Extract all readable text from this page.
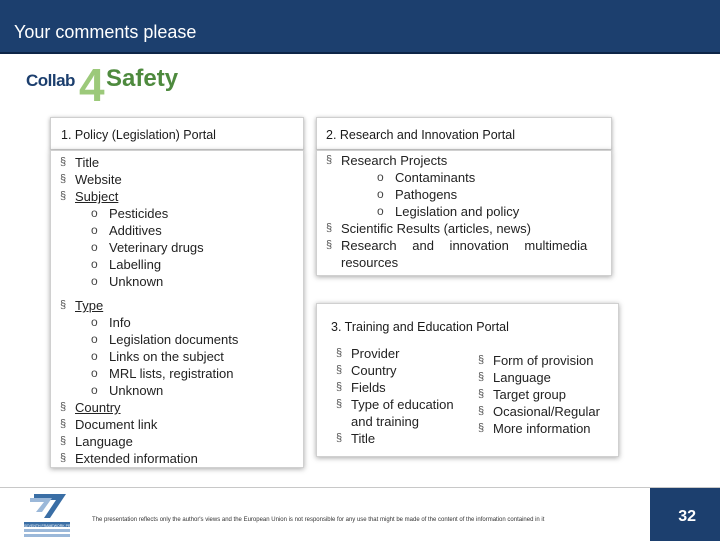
Your comments please
4
Collab Safety
1. Policy (Legislation) Portal
§ Title
§ Website
§ Subject
o Pesticides
o Additives
o Veterinary drugs
o Labelling
o Unknown
§ Type
o Info
o Legislation documents
o Links on the subject
o MRL lists, registration
o Unknown
§ Country
§ Document link
§ Language
§ Extended information
2. Research and Innovation Portal
§ Research Projects
o Contaminants
o Pathogens
o Legislation and policy
§ Scientific Results (articles, news)
§ Research and innovation multimedia resources
3. Training and Education Portal
§ Provider
§ Country
§ Fields
§ Type of education and training
§ Title
§ Form of provision
§ Language
§ Target group
§ Ocasional/Regular
§ More information
SEVENTH FRAMEWORK PROGRAMME
The presentation reflects only the author's views and the European Union is not responsible for any use that might be made of the content of the information contained in it	32
